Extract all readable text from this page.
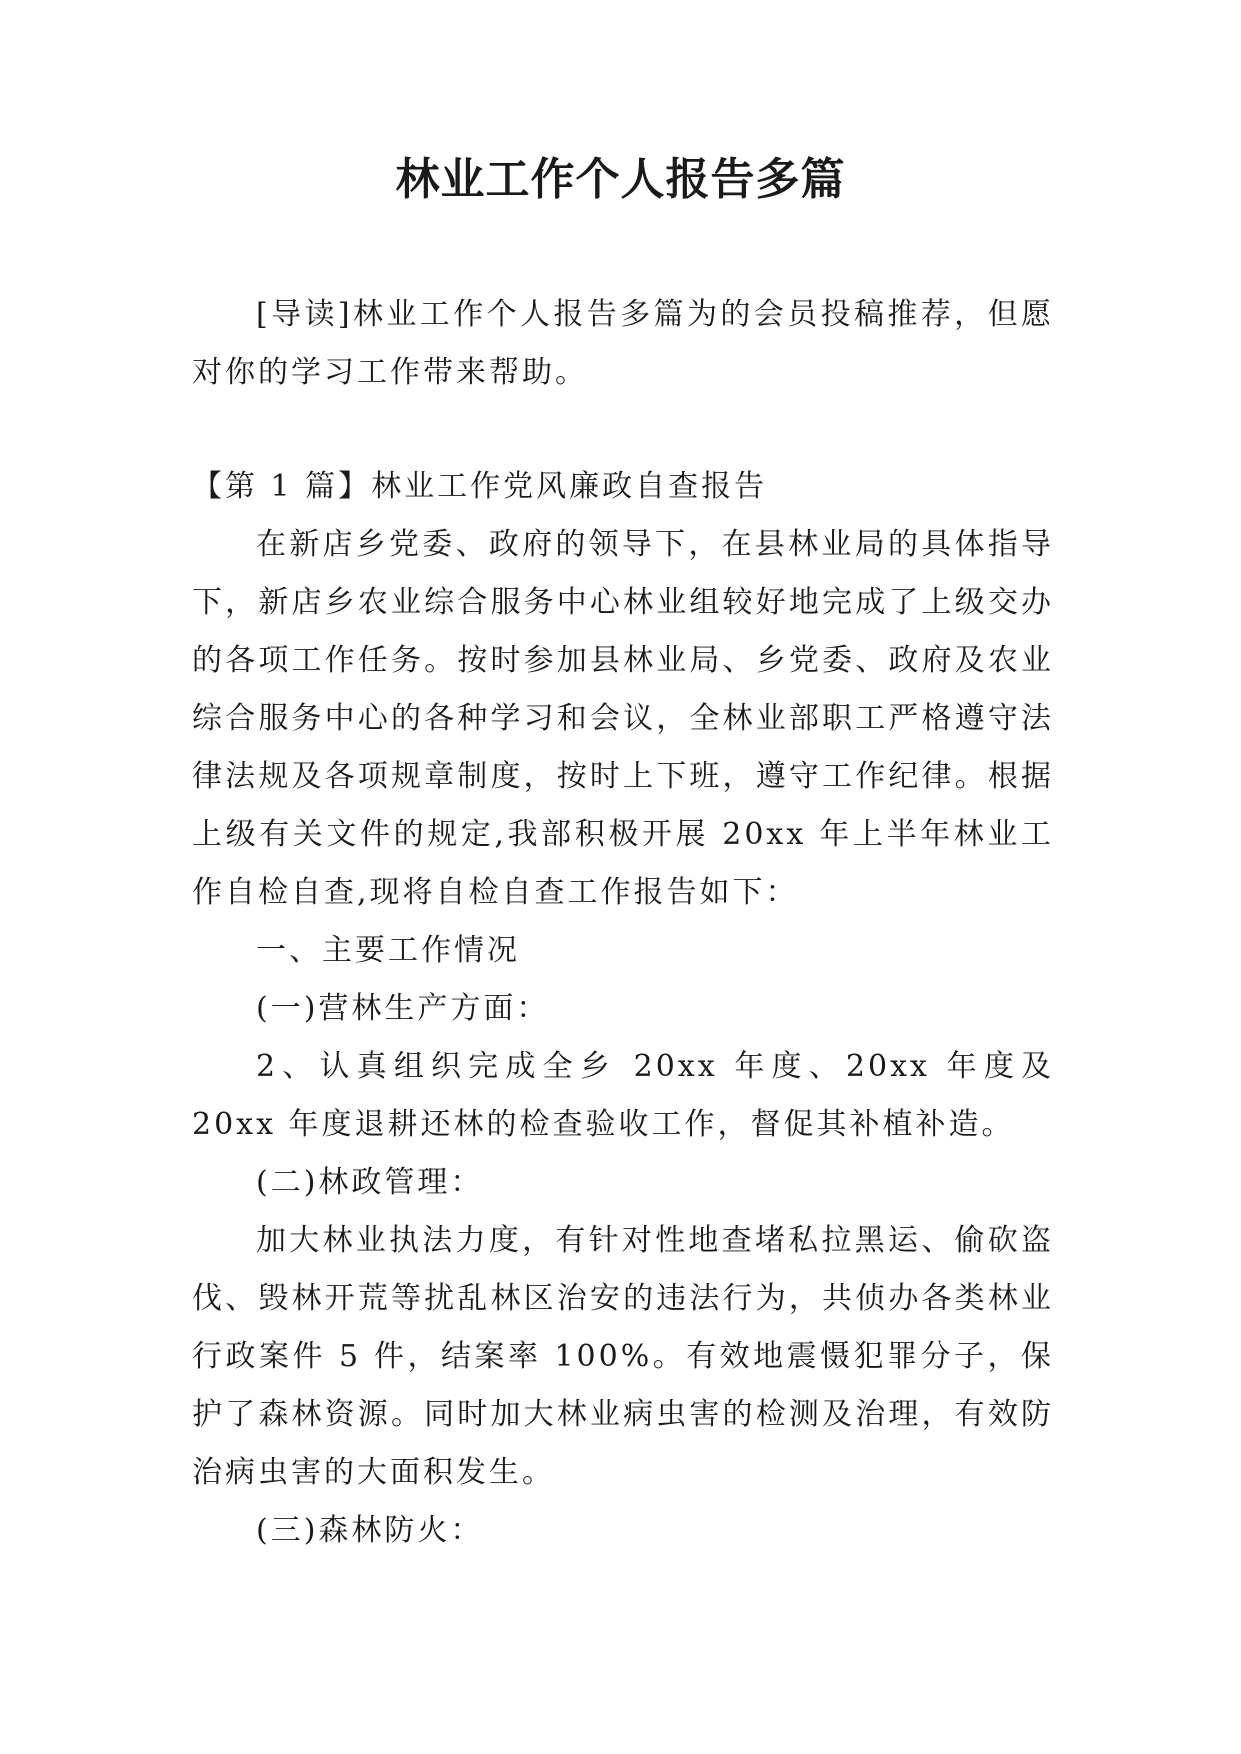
林业工作个人报告多篇

[导读]林业工作个人报告多篇为的会员投稿推荐，但愿对你的学习工作带来帮助。

【第 1 篇】林业工作党风廉政自查报告

在新店乡党委、政府的领导下，在县林业局的具体指导下，新店乡农业综合服务中心林业组较好地完成了上级交办的各项工作任务。按时参加县林业局、乡党委、政府及农业综合服务中心的各种学习和会议，全林业部职工严格遵守法律法规及各项规章制度，按时上下班，遵守工作纪律。根据上级有关文件的规定,我部积极开展 20xx 年上半年林业工作自检自查,现将自检自查工作报告如下：

一、主要工作情况

(一)营林生产方面：

2、认真组织完成全乡 20xx 年度、20xx 年度及 20xx 年度退耕还林的检查验收工作，督促其补植补造。

(二)林政管理：

加大林业执法力度，有针对性地查堵私拉黑运、偷砍盗伐、毁林开荒等扰乱林区治安的违法行为，共侦办各类林业行政案件 5 件，结案率 100%。有效地震慑犯罪分子，保护了森林资源。同时加大林业病虫害的检测及治理，有效防治病虫害的大面积发生。

(三)森林防火：
